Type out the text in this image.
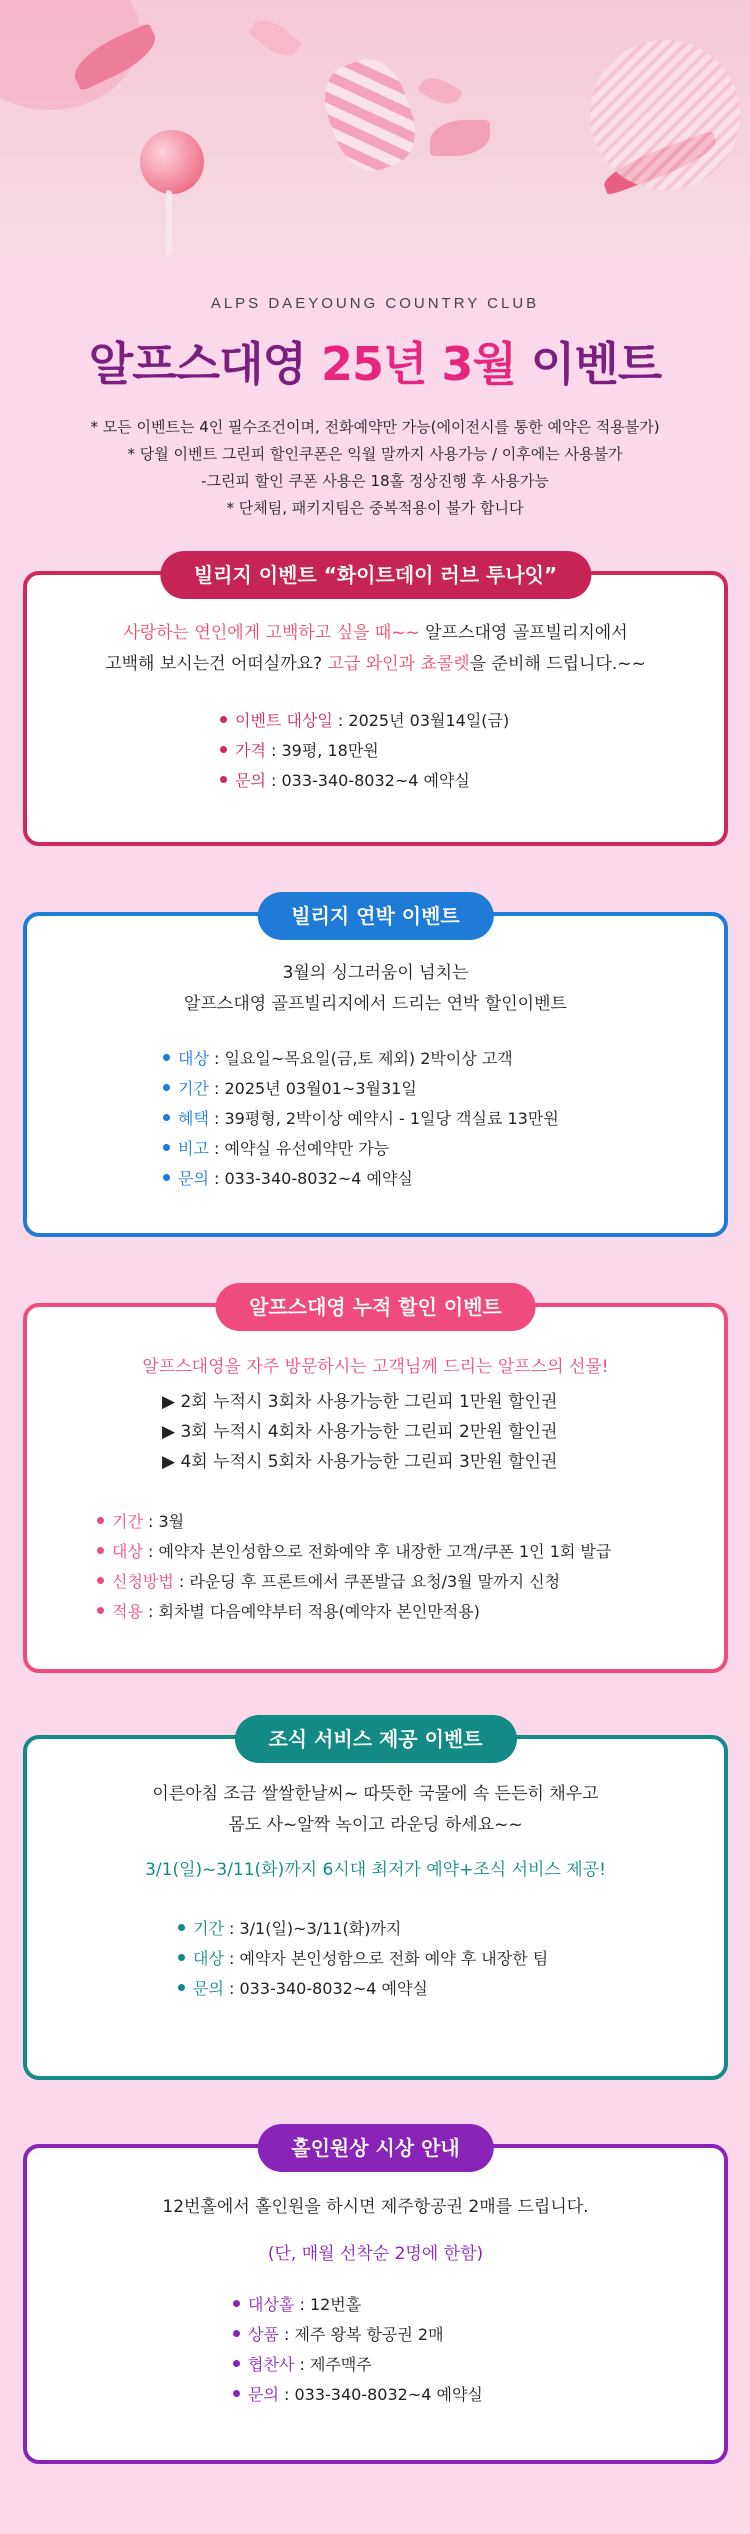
ALPS DAEYOUNG COUNTRY CLUB
알프스대영 25년 3월 이벤트
* 모든 이벤트는 4인 필수조건이며, 전화예약만 가능(에이전시를 통한 예약은 적용불가)
* 당월 이벤트 그린피 할인쿠폰은 익월 말까지 사용가능 / 이후에는 사용불가
-그린피 할인 쿠폰 사용은 18홀 정상진행 후 사용가능
* 단체팀, 패키지팀은 중복적용이 불가 합니다
빌리지 이벤트 “화이트데이 러브 투나잇”
사랑하는 연인에게 고백하고 싶을 때~~ 알프스대영 골프빌리지에서
고백해 보시는건 어떠실까요? 고급 와인과 쵸콜렛을 준비해 드립니다.~~
이벤트 대상일 : 2025년 03월14일(금)
가격 : 39평, 18만원
문의 : 033-340-8032~4 예약실
빌리지 연박 이벤트
3월의 싱그러움이 넘치는
알프스대영 골프빌리지에서 드리는 연박 할인이벤트
대상 : 일요일~목요일(금,토 제외) 2박이상 고객
기간 : 2025년 03월01~3월31일
혜택 : 39평형, 2박이상 예약시 - 1일당 객실료 13만원
비고 : 예약실 유선예약만 가능
문의 : 033-340-8032~4 예약실
알프스대영 누적 할인 이벤트
알프스대영을 자주 방문하시는 고객님께 드리는 알프스의 선물!
▶ 2회 누적시 3회차 사용가능한 그린피 1만원 할인권
▶ 3회 누적시 4회차 사용가능한 그린피 2만원 할인권
▶ 4회 누적시 5회차 사용가능한 그린피 3만원 할인권
기간 : 3월
대상 : 예약자 본인성함으로 전화예약 후 내장한 고객/쿠폰 1인 1회 발급
신청방법 : 라운딩 후 프론트에서 쿠폰발급 요청/3월 말까지 신청
적용 : 회차별 다음예약부터 적용(예약자 본인만적용)
조식 서비스 제공 이벤트
이른아침 조금 쌀쌀한날씨~ 따뜻한 국물에 속 든든히 채우고
몸도 사~알짝 녹이고 라운딩 하세요~~
3/1(일)~3/11(화)까지 6시대 최저가 예약+조식 서비스 제공!
기간 : 3/1(일)~3/11(화)까지
대상 : 예약자 본인성함으로 전화 예약 후 내장한 팀
문의 : 033-340-8032~4 예약실
홀인원상 시상 안내
12번홀에서 홀인원을 하시면 제주항공권 2매를 드립니다.
(단, 매월 선착순 2명에 한함)
대상홀 : 12번홀
상품 : 제주 왕복 항공권 2매
협찬사 : 제주맥주
문의 : 033-340-8032~4 예약실
